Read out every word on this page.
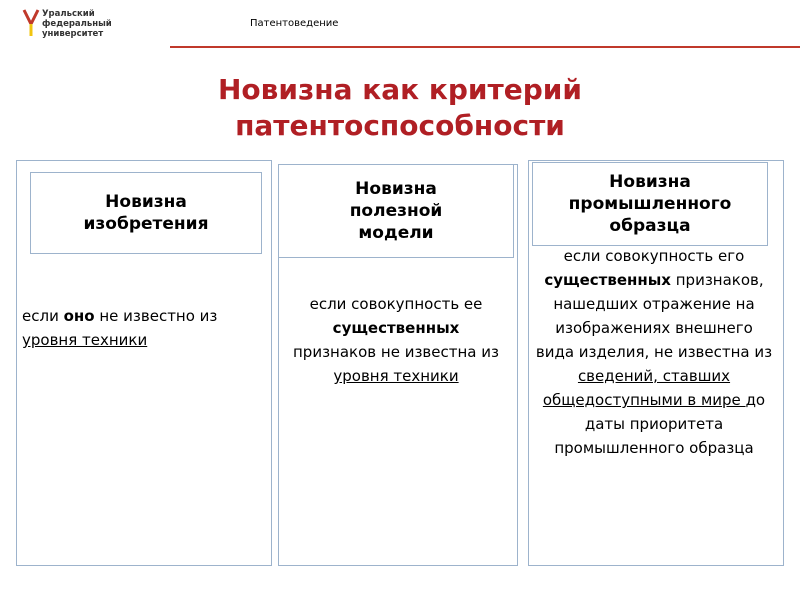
Уральский
федеральный
университет
Патентоведение
Новизна как критерий
патентоспособности
Новизна
изобретения
если оно не известно из уровня техники
Новизна
полезной
модели
если совокупность ее существенных признаков не известна из уровня техники
Новизна
промышленного
образца
если совокупность его существенных признаков, нашедших отражение на изображениях внешнего вида изделия, не известна из сведений, ставших общедоступными в мире до даты приоритета промышленного образца
